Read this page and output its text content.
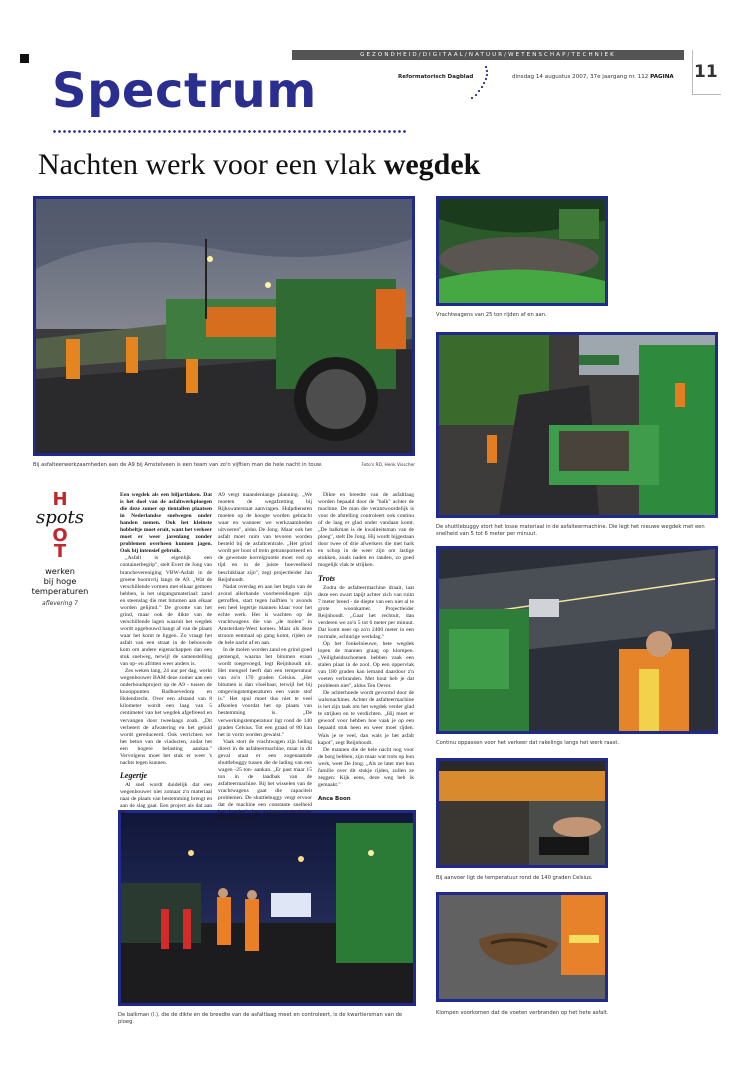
GEZONDHEID/DIGITAAL/NATUUR/WETENSCHAP/TECHNIEK
Spectrum	Reformatorisch Dagblad	dinsdag 14 augustus 2007, 37e jaargang nr. 112 PAGINA 11
Nachten werk voor een vlak wegdek
Bij asfalteerwerkzaamheden aan de A9 bij Amstelveen is een team van zo'n vijftien man de hele nacht in touw.	Foto's RD, Henk Visscher
Vrachtwagens van 25 ton rijden af en aan.
De shuttlebuggy stort het losse materiaal in de asfalteermachine. Die legt het nieuwe wegdek met een snelheid van 5 tot 6 meter per minuut.
Continu oppassen voor het verkeer dat rakelings langs het werk raast.
Bij aanvoer ligt de temperatuur rond de 140 graden Celsius.
Klompen voorkomen dat de voeten verbranden op het hete asfalt.
De balkman (l.), die de dikte en de breedte van de asfaltlaag meet en controleert, is de kwartiersman van de ploeg.
H
spots
O
T
werken
bij hoge
temperaturen
aflevering 7

Een wegdek als een biljartlaken. Dat is het doel van de asfaltwerkploegen die deze zomer op tientallen plaatsen in Nederlandse snelwegen onder handen nemen. Ook het kleinste hobbeltje moet eruit, want het verkeer moet er weer jarenlang zonder problemen overheen kunnen jagen. Ook bij intensief gebruik.

„Asfalt is eigenlijk een containerbegrip", stelt Evert de Jong van branchevereniging VBW-Asfalt in de groene boomvrij langs de A9. „Wat de verschillende vormen met elkaar gemeen hebben, is het uitgangsmateriaal: zand en steenslag die met bitumen aan elkaar worden gelijmd." De grootte van het grind, maar ook de dikte van de verschillende lagen waaruit het wegdek wordt opgebouwd hangt af van de plaats waar het komt te liggen. Zo vraagt het asfalt van een straat in de bebouwde kom om andere eigenschappen dan een stuk snelweg, terwijl de samenstelling van op- en afritten weer anders is.

Zes weken lang, 24 uur per dag, werkt wegenbouwer BAM deze zomer aan een onderhoudsproject op de A9 - tussen de knooppunten Badhoevedorp en Holendrecht. Over een afstand van 8 kilometer wordt een laag van 5 centimeter van het wegdek afgefreesd en vervangen door tweelaags zoab. „Dit verbetert de afwatering en het geluid wordt gereduceerd. Ook verrichten we het beton van de viaducten, zodat het een hogere belasting aankan." Vervolgens moet het stuk er weer 's nachts tegen kunnen.

Legertje

Al snel wordt duidelijk dat een wegenbouwer niet zomaar z'n materiaal naar de plaats van bestemming brengt en aan de slag gaat. Een project als dat aan de

A9 vergt maandenlange planning. „We moeten de wegafzetting bij Rijkswaterstaat aanvragen. Hulpdiensten moeten op de hoogte worden gebracht waar en wanneer we werkzaamheden uitvoeren", aldus De Jong. Maar ook het asfalt moet ruim van tevoren worden besteld bij de asfaltcentrale. „Het grind wordt per boot of trein getransporteerd en de gewenste korrelgrootte moet ved op tijd en in de juiste hoeveelheid beschikbaar zijn", zegt projectleider Jan Reijnhoudt.

Nadat overdag en aan het begin van de avond allerhande voorbereidingen zijn getroffen, start tegen halftien 's avonds een heel legertje mannen klaar voor het echte werk. Het is wachten op de vrachtwagens die van „de molen" in Amsterdam-West komen. Maar als deze stroom eenmaal op gang komt, rijden ze de hele nacht af en aan.

In de molen worden zand en grind goed gemengd, waarna het bitumen eraan wordt toegevoegd, legt Reijnhoudt uit. Het mengsel heeft dan een temperatuur van zo'n 170 graden Celsius. „Het bitumen is dan vloeibaar, terwijl het bij omgevingstemperaturen een vaste stof is." Het spul moet dus niet te veel afkoelen voordat het op plaats van bestemming is. „De verwerkingstemperatuur ligt rond de 140 graden Celsius. Tot een graad of 80 kan het in vorm worden gewalst."

Vaak stort de vrachtwagen zijn lading direct in de asfalteermachine, maar in dit geval staat er een zogenaamde shuttlebuggy tussen die de lading van een wagen -25 ton- aankan. „Er past maar 15 ton in de laadbak van de asfalteermachine. Bij het wisselen van de vrachtwagens gaat die capaciteit problemen. De shuttlebuggy vergt ervoor dat de machine een constante snelheid kan houden", legt assistent-projectleider Sjoerd ten Oever.

Dikte en breedte van de asfaltlaag worden bepaald door de "balk" achter de machine. De man die verantwoordelijk is voor de afstelling controleert ook continu of de laag er glad onder vandaan komt. „De balkman is de kwaliteitsman van de ploeg", stelt De Jong. Hij wordt bijgestaan door twee of drie afwerkers die met hark en schop in de weer zijn om lastige stukken, zoals naden en randen, zo goed mogelijk vlak te strijken.

Trots

Zodra de asfalteermachine draait, laat deze een zwart tapijt achter zich van ruim 7 meter breed - de diepte van een niet al te grote woonkamer. Projectleider Reijnhoudt. „Gaat het rechtuit, dan verderen we zo'n 5 tot 6 meter per minuut. Dat komt neer op zo'n 2400 meter in een normale, achturige werkdag."

Op het fonkelnieuwe, hete wegdek lopen de mannen graag op klompen. „Veiligheidsschoenen hebben vaak een stalen plaat in de zool. Op een oppervlak van 180 graden kan iemand daardoor z'n voeten verbranden. Met hout heb je dat probleem niet", aldus Ten Oever.

De achterhoede wordt gevormd door de walsmachines. Achter de asfalteermachine is het zijn taak om het wegdek verder glad te strijken en te verdichten. „Hij moet er gewoof voor hebben hoe vaak je op een bepaald stuk heen en weer moet rijden. Wals je te veel, dan wals je het asfalt kapot", zegt Reijnhoudt.

De mannen die de hele nacht nog voor de borg hebben, zijn maar wat trots op hun werk, weet De Jong. „Als ze later met hun familie over dit stukje rijden, zullen ze zeggen: Kijk eens, deze weg heb ik gemaakt."

Anca Boon
